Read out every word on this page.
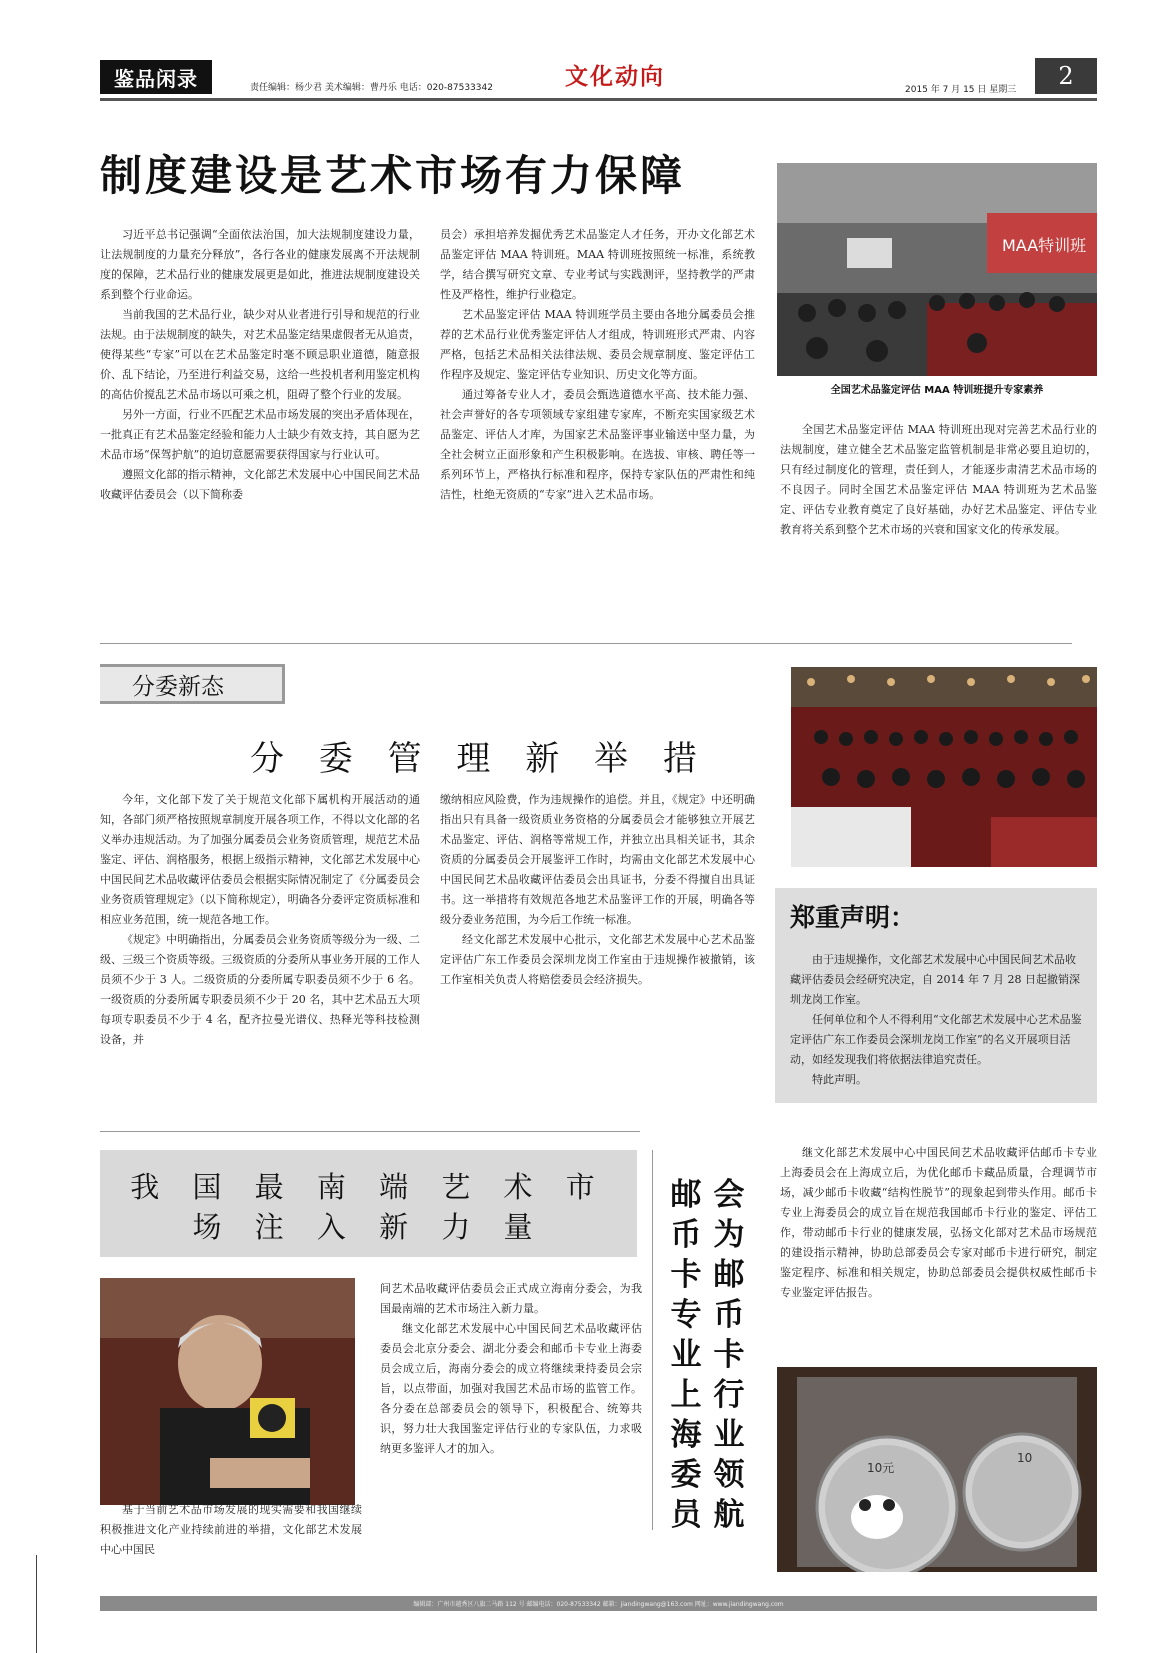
鉴品闲录	责任编辑：杨少君 美术编辑：曹丹乐 电话：020-87533342	文化动向	2015 年 7 月 15 日 星期三	2
制度建设是艺术市场有力保障
MAA特训班
全国艺术品鉴定评估 MAA 特训班提升专家素养

习近平总书记强调“全面依法治国，加大法规制度建设力量，让法规制度的力量充分释放”，各行各业的健康发展离不开法规制度的保障，艺术品行业的健康发展更是如此，推进法规制度建设关系到整个行业命运。

当前我国的艺术品行业，缺少对从业者进行引导和规范的行业法规。由于法规制度的缺失，对艺术品鉴定结果虚假者无从追责，使得某些“专家”可以在艺术品鉴定时毫不顾忌职业道德，随意报价、乱下结论，乃至进行利益交易，这给一些投机者利用鉴定机构的高估价搅乱艺术品市场以可乘之机，阻碍了整个行业的发展。

另外一方面，行业不匹配艺术品市场发展的突出矛盾体现在，一批真正有艺术品鉴定经验和能力人士缺少有效支持，其自愿为艺术品市场“保驾护航”的迫切意愿需要获得国家与行业认可。

遵照文化部的指示精神，文化部艺术发展中心中国民间艺术品收藏评估委员会（以下简称委

员会）承担培养发掘优秀艺术品鉴定人才任务，开办文化部艺术品鉴定评估 MAA 特训班。MAA 特训班按照统一标准，系统教学，结合撰写研究文章、专业考试与实践测评，坚持教学的严肃性及严格性，维护行业稳定。

艺术品鉴定评估 MAA 特训班学员主要由各地分属委员会推荐的艺术品行业优秀鉴定评估人才组成，特训班形式严肃、内容严格，包括艺术品相关法律法规、委员会规章制度、鉴定评估工作程序及规定、鉴定评估专业知识、历史文化等方面。

通过筹备专业人才，委员会甄选道德水平高、技术能力强、社会声誉好的各专项领域专家组建专家库，不断充实国家级艺术品鉴定、评估人才库，为国家艺术品鉴评事业输送中坚力量，为全社会树立正面形象和产生积极影响。在选拔、审核、聘任等一系列环节上，严格执行标准和程序，保持专家队伍的严肃性和纯洁性，杜绝无资质的“专家”进入艺术品市场。

全国艺术品鉴定评估 MAA 特训班出现对完善艺术品行业的法规制度，建立健全艺术品鉴定监管机制是非常必要且迫切的，只有经过制度化的管理，责任到人，才能逐步肃清艺术品市场的不良因子。同时全国艺术品鉴定评估 MAA 特训班为艺术品鉴定、评估专业教育奠定了良好基础，办好艺术品鉴定、评估专业教育将关系到整个艺术市场的兴衰和国家文化的传承发展。

分委新态
分 委 管 理 新 举 措

今年，文化部下发了关于规范文化部下属机构开展活动的通知，各部门须严格按照规章制度开展各项工作，不得以文化部的名义举办违规活动。为了加强分属委员会业务资质管理，规范艺术品鉴定、评估、润格服务，根据上级指示精神，文化部艺术发展中心中国民间艺术品收藏评估委员会根据实际情况制定了《分属委员会业务资质管理规定》（以下简称规定），明确各分委评定资质标准和相应业务范围，统一规范各地工作。

《规定》中明确指出，分属委员会业务资质等级分为一级、二级、三级三个资质等级。三级资质的分委所从事业务开展的工作人员须不少于 3 人。二级资质的分委所属专职委员须不少于 6 名。一级资质的分委所属专职委员须不少于 20 名，其中艺术品五大项每项专职委员不少于 4 名，配齐拉曼光谱仪、热释光等科技检测设备，并

缴纳相应风险费，作为违规操作的追偿。并且，《规定》中还明确指出只有具备一级资质业务资格的分属委员会才能够独立开展艺术品鉴定、评估、润格等常规工作，并独立出具相关证书，其余资质的分属委员会开展鉴评工作时，均需由文化部艺术发展中心中国民间艺术品收藏评估委员会出具证书，分委不得擅自出具证书。这一举措将有效规范各地艺术品鉴评工作的开展，明确各等级分委业务范围，为今后工作统一标准。

经文化部艺术发展中心批示，文化部艺术发展中心艺术品鉴定评估广东工作委员会深圳龙岗工作室由于违规操作被撤销，该工作室相关负责人将赔偿委员会经济损失。

郑重声明：

由于违规操作，文化部艺术发展中心中国民间艺术品收藏评估委员会经研究决定，自 2014 年 7 月 28 日起撤销深圳龙岗工作室。

任何单位和个人不得利用“文化部艺术发展中心艺术品鉴定评估广东工作委员会深圳龙岗工作室”的名义开展项目活动，如经发现我们将依据法律追究责任。

特此声明。

我 国 最 南 端 艺 术 市 场 注 入 新 力 量
间艺术品收藏评估委员会正式成立海南分委会，为我国最南端的艺术市场注入新力量。

继文化部艺术发展中心中国民间艺术品收藏评估委员会北京分委会、湖北分委会和邮币卡专业上海委员会成立后，海南分委会的成立将继续秉持委员会宗旨，以点带面，加强对我国艺术品市场的监管工作。各分委在总部委员会的领导下，积极配合、统筹共识，努力壮大我国鉴定评估行业的专家队伍，力求吸纳更多鉴评人才的加入。

基于当前艺术品市场发展的现实需要和我国继续积极推进文化产业持续前进的举措，文化部艺术发展中心中国民

邮币卡专业上海委员
会为邮币卡行业领航

继文化部艺术发展中心中国民间艺术品收藏评估邮币卡专业上海委员会在上海成立后，为优化邮币卡藏品质量，合理调节市场，减少邮币卡收藏“结构性脱节”的现象起到带头作用。邮币卡专业上海委员会的成立旨在规范我国邮币卡行业的鉴定、评估工作，带动邮币卡行业的健康发展，弘扬文化部对艺术品市场规范的建设指示精神，协助总部委员会专家对邮币卡进行研究，制定鉴定程序、标准和相关规定，协助总部委员会提供权威性邮币卡专业鉴定评估报告。

10元
10
编辑部：广州市越秀区八旗二马路 112 号 邮编电话：020-87533342 邮箱：jiandingwang@163.com 网址：www.jiandingwang.com
